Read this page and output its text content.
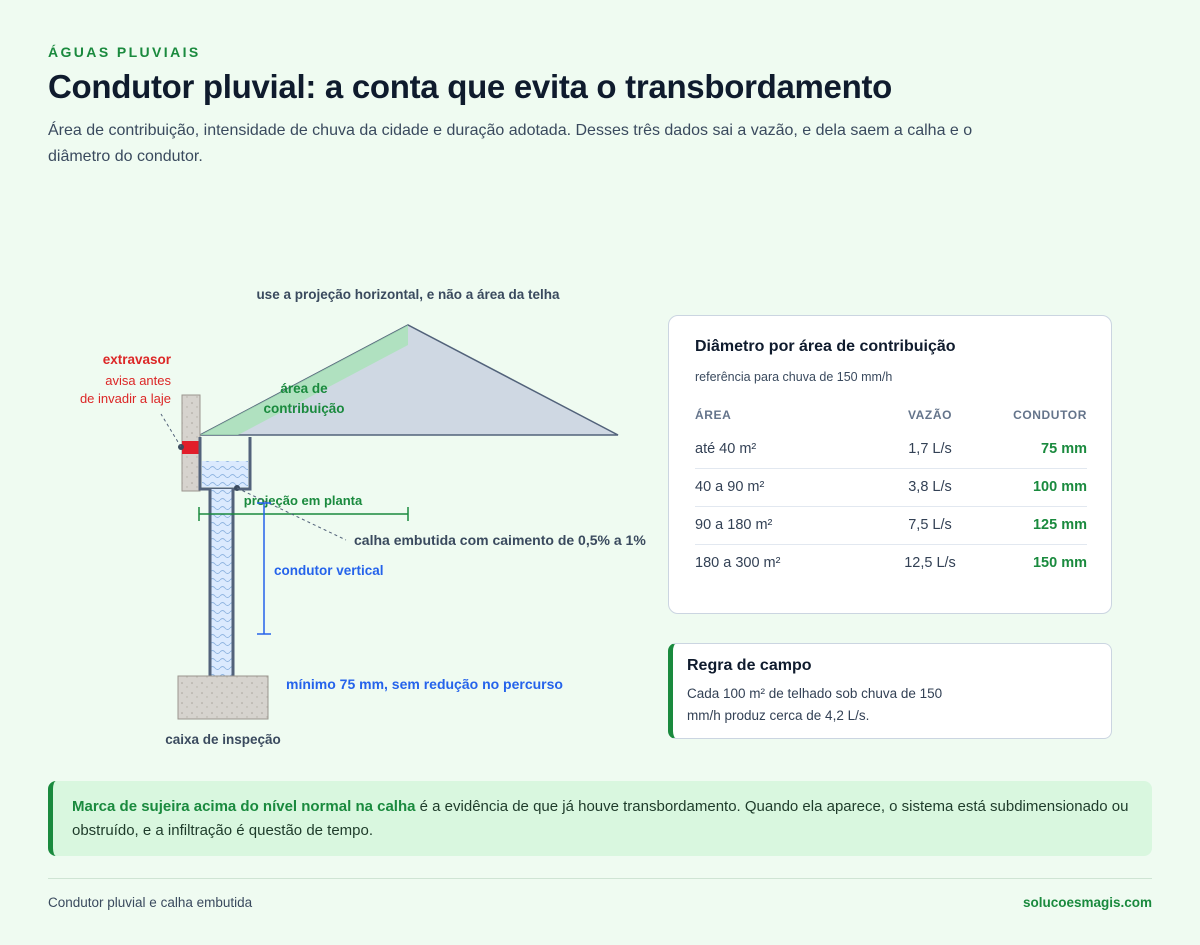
ÁGUAS PLUVIAIS
Condutor pluvial: a conta que evita o transbordamento

Área de contribuição, intensidade de chuva da cidade e duração adotada. Desses três dados sai a vazão, e dela saem a calha e o diâmetro do condutor.

use a projeção horizontal, e não a área da telha
área de
contribuição
extravasor
avisa antes
de invadir a laje
caixa de inspeção
projeção em planta
calha embutida com caimento de 0,5% a 1%
condutor vertical
mínimo 75 mm, sem redução no percurso
Diâmetro por área de contribuição
referência para chuva de 150 mm/h
ÁREA	VAZÃO	CONDUTOR
até 40 m²	1,7 L/s	75 mm
40 a 90 m²	3,8 L/s	100 mm
90 a 180 m²	7,5 L/s	125 mm
180 a 300 m²	12,5 L/s	150 mm
Regra de campo
Cada 100 m² de telhado sob chuva de 150 mm/h produz cerca de 4,2 L/s.

Marca de sujeira acima do nível normal na calha é a evidência de que já houve transbordamento. Quando ela aparece, o sistema está subdimensionado ou obstruído, e a infiltração é questão de tempo.

Condutor pluvial e calha embutida	solucoesmagis.com
